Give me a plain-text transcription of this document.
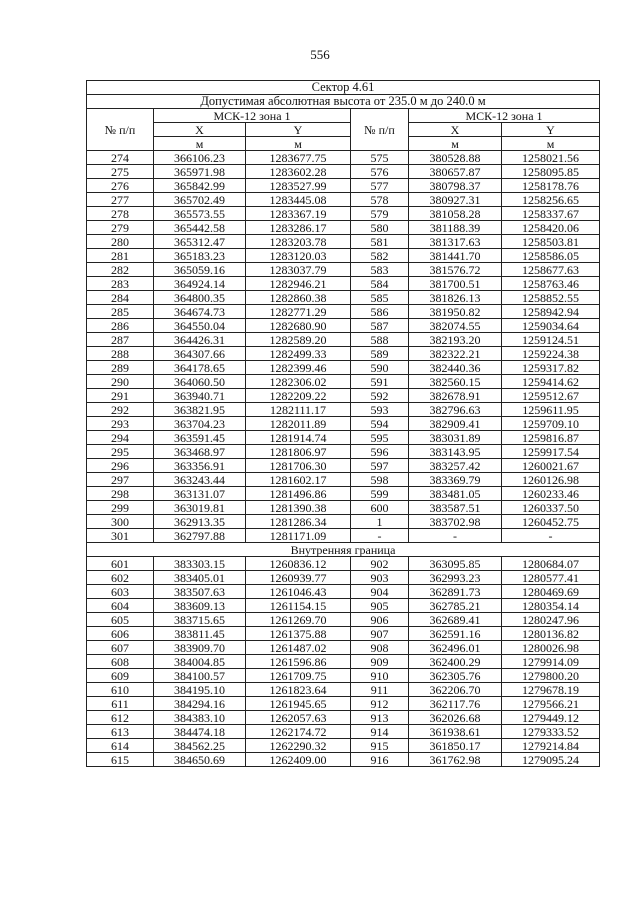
556
Сектор 4.61					
Допустимая абсолютная высота от 235.0 м до 240.0 м					
№ п/п	МСК-12 зона 1		№ п/п	МСК-12 зона 1	
	X	Y		X	Y
	м	м		м	м
274	366106.23	1283677.75	575	380528.88	1258021.56
275	365971.98	1283602.28	576	380657.87	1258095.85
276	365842.99	1283527.99	577	380798.37	1258178.76
277	365702.49	1283445.08	578	380927.31	1258256.65
278	365573.55	1283367.19	579	381058.28	1258337.67
279	365442.58	1283286.17	580	381188.39	1258420.06
280	365312.47	1283203.78	581	381317.63	1258503.81
281	365183.23	1283120.03	582	381441.70	1258586.05
282	365059.16	1283037.79	583	381576.72	1258677.63
283	364924.14	1282946.21	584	381700.51	1258763.46
284	364800.35	1282860.38	585	381826.13	1258852.55
285	364674.73	1282771.29	586	381950.82	1258942.94
286	364550.04	1282680.90	587	382074.55	1259034.64
287	364426.31	1282589.20	588	382193.20	1259124.51
288	364307.66	1282499.33	589	382322.21	1259224.38
289	364178.65	1282399.46	590	382440.36	1259317.82
290	364060.50	1282306.02	591	382560.15	1259414.62
291	363940.71	1282209.22	592	382678.91	1259512.67
292	363821.95	1282111.17	593	382796.63	1259611.95
293	363704.23	1282011.89	594	382909.41	1259709.10
294	363591.45	1281914.74	595	383031.89	1259816.87
295	363468.97	1281806.97	596	383143.95	1259917.54
296	363356.91	1281706.30	597	383257.42	1260021.67
297	363243.44	1281602.17	598	383369.79	1260126.98
298	363131.07	1281496.86	599	383481.05	1260233.46
299	363019.81	1281390.38	600	383587.51	1260337.50
300	362913.35	1281286.34	1	383702.98	1260452.75
301	362797.88	1281171.09	-	-	-
Внутренняя граница					
601	383303.15	1260836.12	902	363095.85	1280684.07
602	383405.01	1260939.77	903	362993.23	1280577.41
603	383507.63	1261046.43	904	362891.73	1280469.69
604	383609.13	1261154.15	905	362785.21	1280354.14
605	383715.65	1261269.70	906	362689.41	1280247.96
606	383811.45	1261375.88	907	362591.16	1280136.82
607	383909.70	1261487.02	908	362496.01	1280026.98
608	384004.85	1261596.86	909	362400.29	1279914.09
609	384100.57	1261709.75	910	362305.76	1279800.20
610	384195.10	1261823.64	911	362206.70	1279678.19
611	384294.16	1261945.65	912	362117.76	1279566.21
612	384383.10	1262057.63	913	362026.68	1279449.12
613	384474.18	1262174.72	914	361938.61	1279333.52
614	384562.25	1262290.32	915	361850.17	1279214.84
615	384650.69	1262409.00	916	361762.98	1279095.24
